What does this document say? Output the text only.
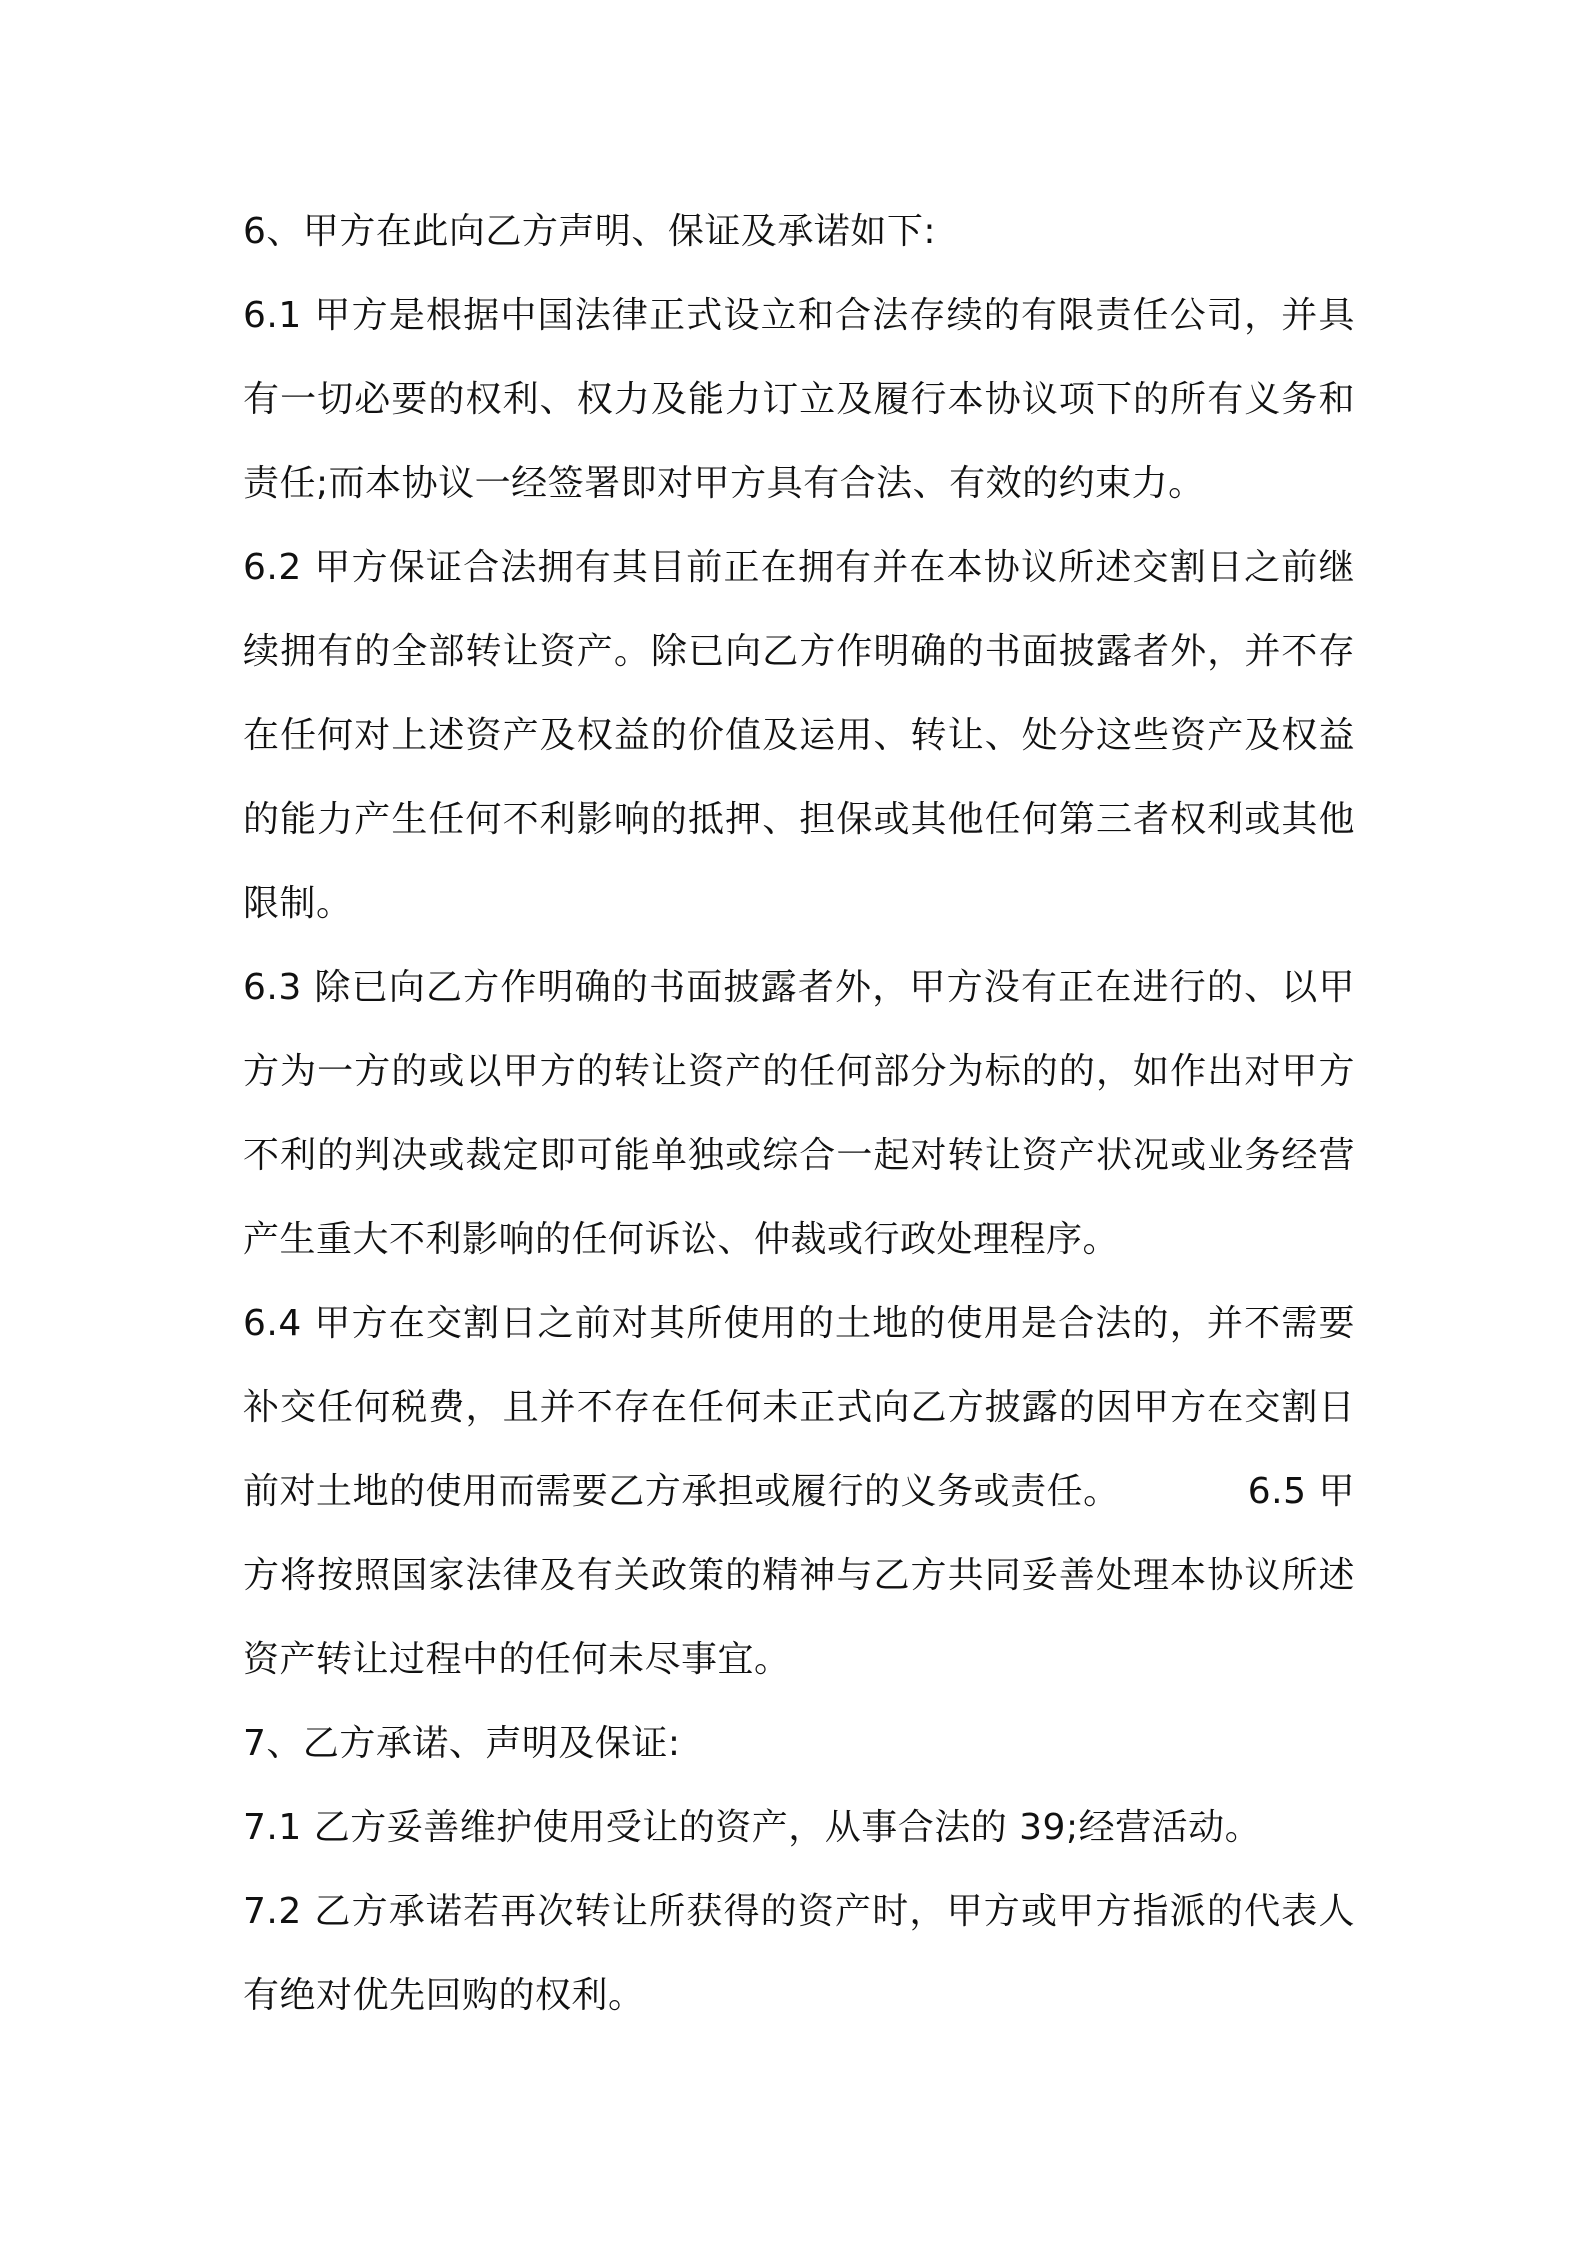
6、甲方在此向乙方声明、保证及承诺如下:

6.1 甲方是根据中国法律正式设立和合法存续的有限责任公司，并具有一切必要的权利、权力及能力订立及履行本协议项下的所有义务和责任;而本协议一经签署即对甲方具有合法、有效的约束力。

6.2 甲方保证合法拥有其目前正在拥有并在本协议所述交割日之前继续拥有的全部转让资产。除已向乙方作明确的书面披露者外，并不存在任何对上述资产及权益的价值及运用、转让、处分这些资产及权益的能力产生任何不利影响的抵押、担保或其他任何第三者权利或其他限制。

6.3 除已向乙方作明确的书面披露者外，甲方没有正在进行的、以甲方为一方的或以甲方的转让资产的任何部分为标的的，如作出对甲方不利的判决或裁定即可能单独或综合一起对转让资产状况或业务经营产生重大不利影响的任何诉讼、仲裁或行政处理程序。

6.4 甲方在交割日之前对其所使用的土地的使用是合法的，并不需要补交任何税费，且并不存在任何未正式向乙方披露的因甲方在交割日前对土地的使用而需要乙方承担或履行的义务或责任。　　　　6.5 甲方将按照国家法律及有关政策的精神与乙方共同妥善处理本协议所述资产转让过程中的任何未尽事宜。

7、乙方承诺、声明及保证:

7.1 乙方妥善维护使用受让的资产，从事合法的 39;经营活动。

7.2 乙方承诺若再次转让所获得的资产时，甲方或甲方指派的代表人有绝对优先回购的权利。
